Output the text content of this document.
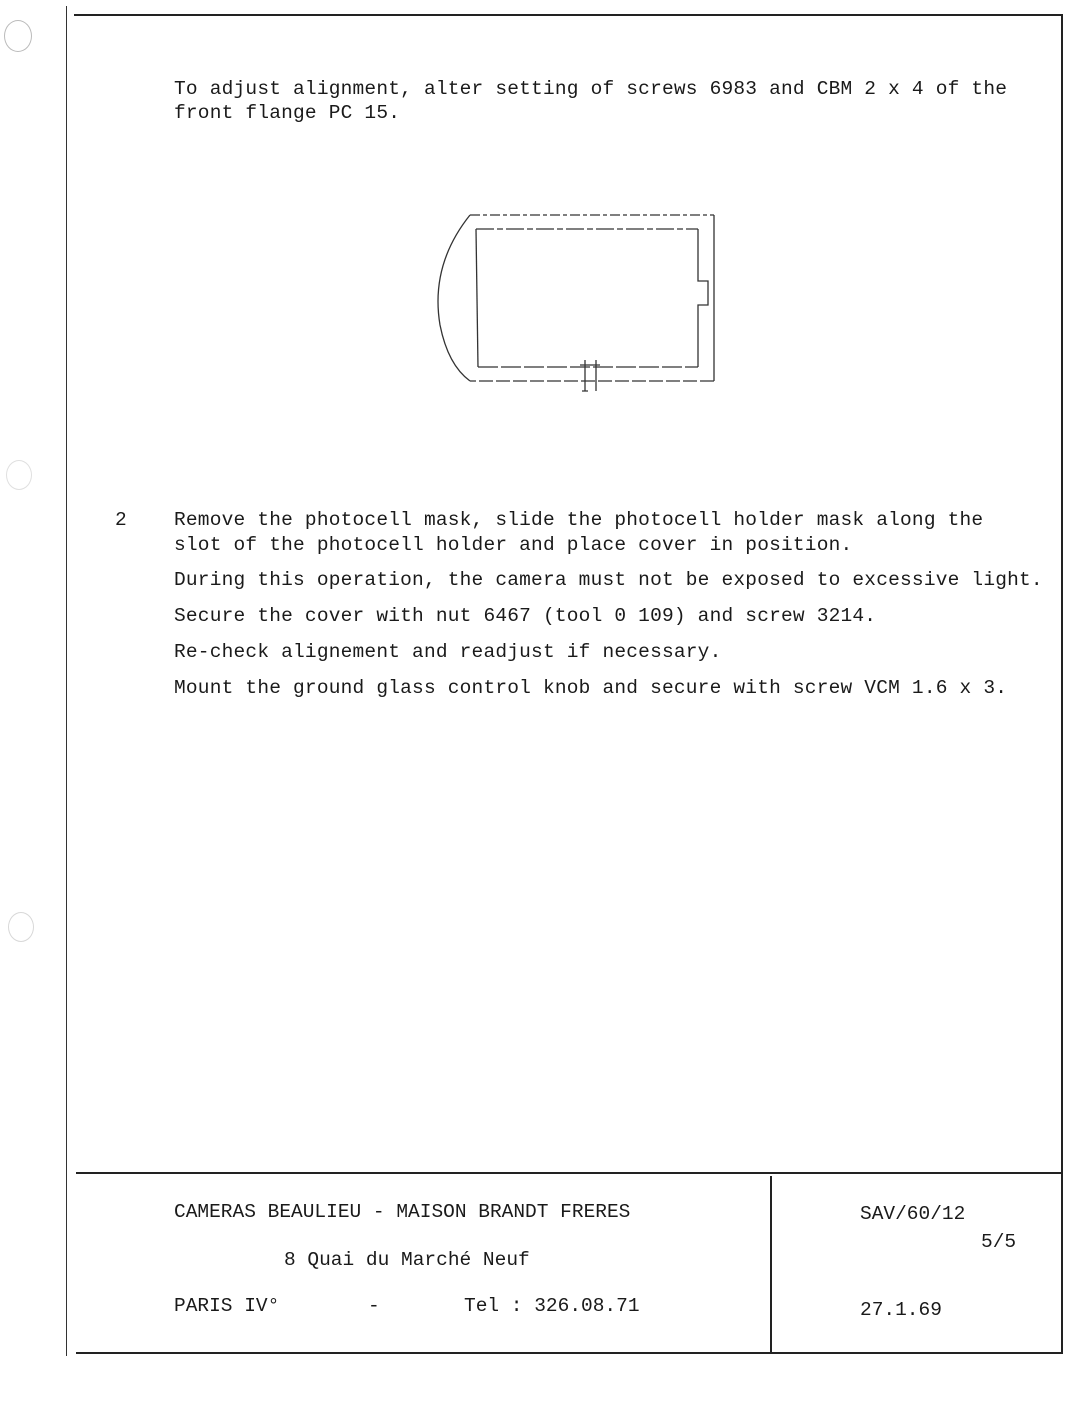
To adjust alignment, alter setting of screws 6983 and CBM 2 x 4 of the
front flange PC 15.
2 Remove the photocell mask, slide the photocell holder mask along the
slot of the photocell holder and place cover in position.
During this operation, the camera must not be exposed to excessive light.
Secure the cover with nut 6467 (tool 0 109) and screw 3214.
Re-check alignement and readjust if necessary.
Mount the ground glass control knob and secure with screw VCM 1.6 x 3.
CAMERAS BEAULIEU - MAISON BRANDT FRERES
8 Quai du Marché Neuf
PARIS IV°	-	Tel : 326.08.71
SAV/60/12
5/5
27.1.69
